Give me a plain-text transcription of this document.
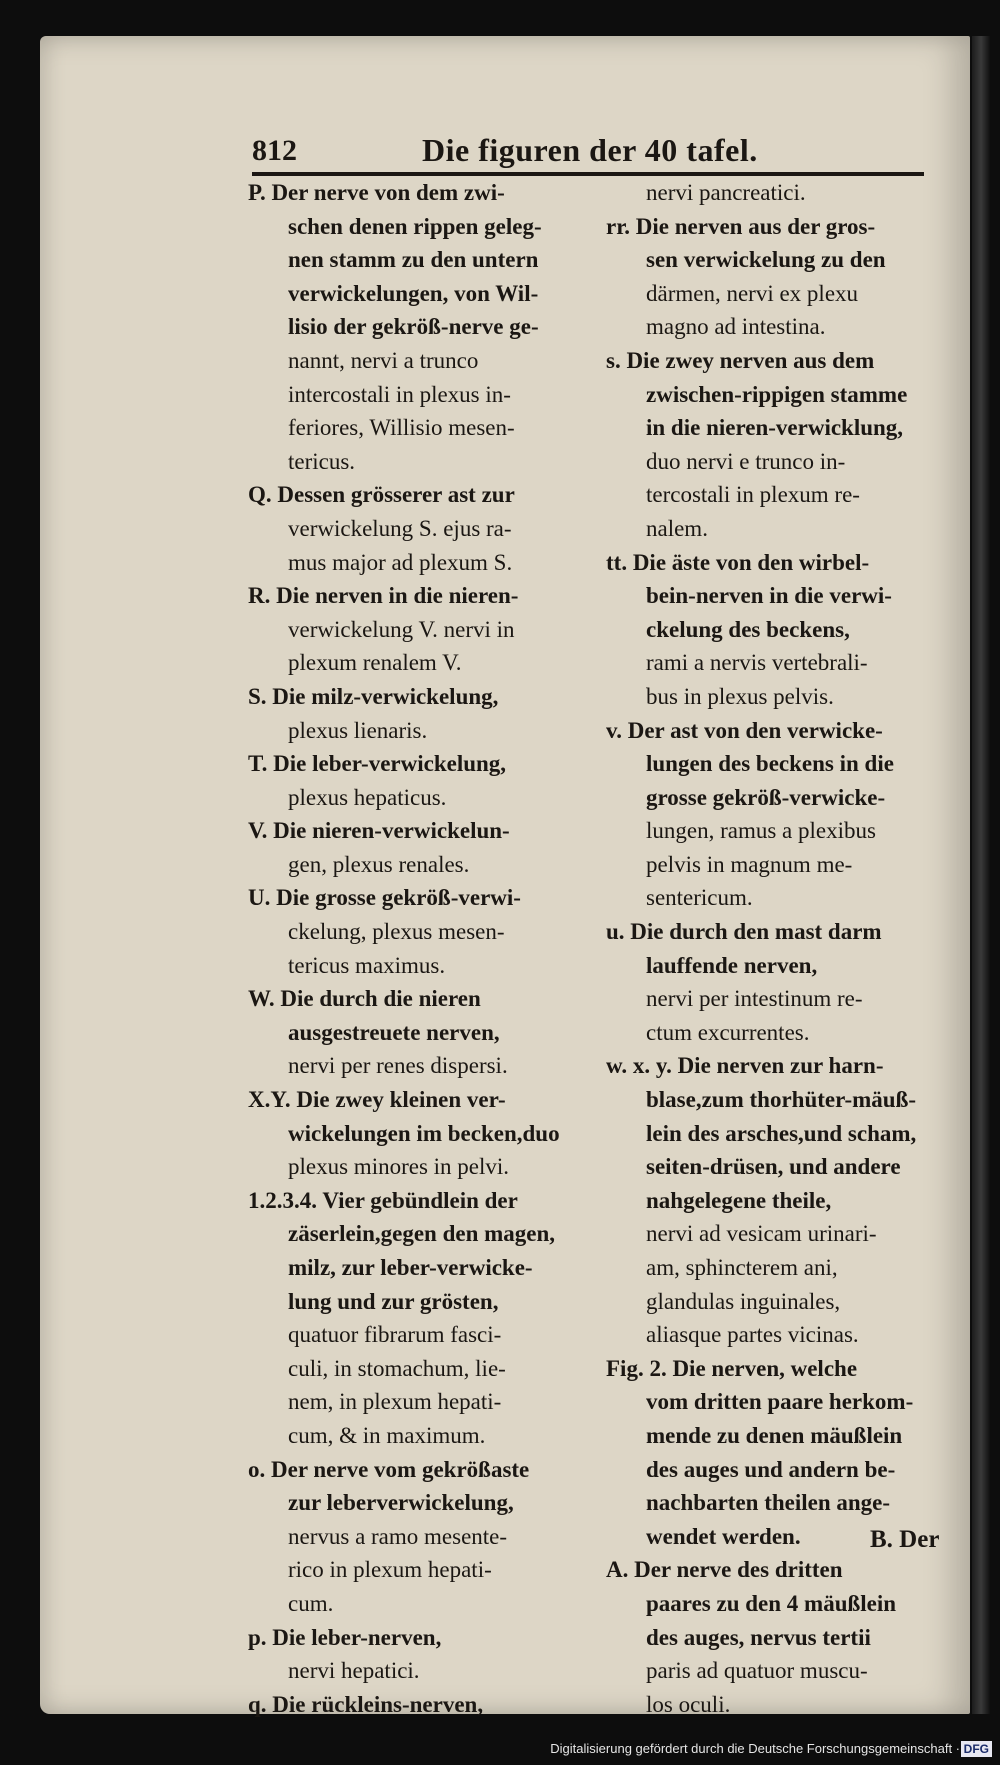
812	Die figuren der 40 tafel.
P. Der nerve von dem zwi-
schen denen rippen geleg-
nen stamm zu den untern
verwickelungen, von Wil-
lisio der gekröß-nerve ge-
nannt, nervi a trunco
intercostali in plexus in-
feriores, Willisio mesen-
tericus.
Q. Dessen grösserer ast zur
verwickelung S. ejus ra-
mus major ad plexum S.
R. Die nerven in die nieren-
verwickelung V. nervi in
plexum renalem V.
S. Die milz-verwickelung,
plexus lienaris.
T. Die leber-verwickelung,
plexus hepaticus.
V. Die nieren-verwickelun-
gen, plexus renales.
U. Die grosse gekröß-verwi-
ckelung, plexus mesen-
tericus maximus.
W. Die durch die nieren
ausgestreuete nerven,
nervi per renes dispersi.
X.Y. Die zwey kleinen ver-
wickelungen im becken,duo
plexus minores in pelvi.
1.2.3.4. Vier gebündlein der
zäserlein,gegen den magen,
milz, zur leber-verwicke-
lung und zur grösten,
quatuor fibrarum fasci-
culi, in stomachum, lie-
nem, in plexum hepati-
cum, & in maximum.
o. Der nerve vom gekrößaste
zur leberverwickelung,
nervus a ramo mesente-
rico in plexum hepati-
cum.
p. Die leber-nerven,
nervi hepatici.
q. Die rückleins-nerven,
nervi pancreatici.
rr. Die nerven aus der gros-
sen verwickelung zu den
därmen, nervi ex plexu
magno ad intestina.
s. Die zwey nerven aus dem
zwischen-rippigen stamme
in die nieren-verwicklung,
duo nervi e trunco in-
tercostali in plexum re-
nalem.
tt. Die äste von den wirbel-
bein-nerven in die verwi-
ckelung des beckens,
rami a nervis vertebrali-
bus in plexus pelvis.
v. Der ast von den verwicke-
lungen des beckens in die
grosse gekröß-verwicke-
lungen, ramus a plexibus
pelvis in magnum me-
sentericum.
u. Die durch den mast darm
lauffende nerven,
nervi per intestinum re-
ctum excurrentes.
w. x. y. Die nerven zur harn-
blase,zum thorhüter-mäuß-
lein des arsches,und scham,
seiten-drüsen, und andere
nahgelegene theile,
nervi ad vesicam urinari-
am, sphincterem ani,
glandulas inguinales,
aliasque partes vicinas.
Fig. 2. Die nerven, welche
vom dritten paare herkom-
mende zu denen mäußlein
des auges und andern be-
nachbarten theilen ange-
wendet werden.
A. Der nerve des dritten
paares zu den 4 mäußlein
des auges, nervus tertii
paris ad quatuor muscu-
los oculi.
B. Der
Digitalisierung gefördert durch die Deutsche Forschungsgemeinschaft · DFG
